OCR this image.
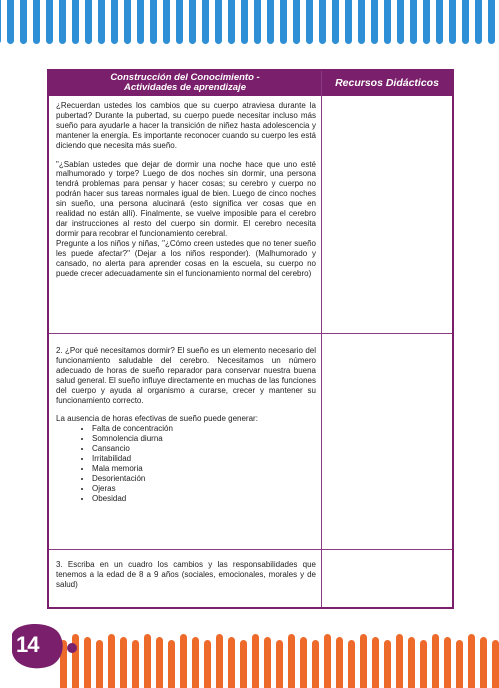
Construcción del Conocimiento -
Actividades de aprendizaje	Recursos Didácticos

¿Recuerdan ustedes los cambios que su cuerpo atraviesa durante la pubertad? Durante la pubertad, su cuerpo puede necesitar incluso más sueño para ayudarle a hacer la transición de niñez hasta adolescencia y mantener la energía. Es importante reconocer cuando su cuerpo les está diciendo que necesita más sueño.

"¿Sabían ustedes que dejar de dormir una noche hace que uno esté malhumorado y torpe? Luego de dos noches sin dormir, una persona tendrá problemas para pensar y hacer cosas; su cerebro y cuerpo no podrán hacer sus tareas normales igual de bien. Luego de cinco noches sin sueño, una persona alucinará (esto significa ver cosas que en realidad no están allí). Finalmente, se vuelve imposible para el cerebro dar instrucciones al resto del cuerpo sin dormir. El cerebro necesita dormir para recobrar el funcionamiento cerebral.

Pregunte a los niños y niñas, "¿Cómo creen ustedes que no tener sueño les puede afectar?" (Dejar a los niños responder). (Malhumorado y cansado, no alerta para aprender cosas en la escuela, su cuerpo no puede crecer adecuadamente sin el funcionamiento normal del cerebro)

2. ¿Por qué necesitamos dormir? El sueño es un elemento necesario del funcionamiento saludable del cerebro. Necesitamos un número adecuado de horas de sueño reparador para conservar nuestra buena salud general. El sueño influye directamente en muchas de las funciones del cuerpo y ayuda al organismo a curarse, crecer y mantener su funcionamiento correcto.

La ausencia de horas efectivas de sueño puede generar:

• Falta de concentración
• Somnolencia diurna
• Cansancio
• Irritabilidad
• Mala memoria
• Desorientación
• Ojeras
• Obesidad

3. Escriba en un cuadro los cambios y las responsabilidades que tenemos a la edad de 8 a 9 años (sociales, emocionales, morales y de salud)

14
